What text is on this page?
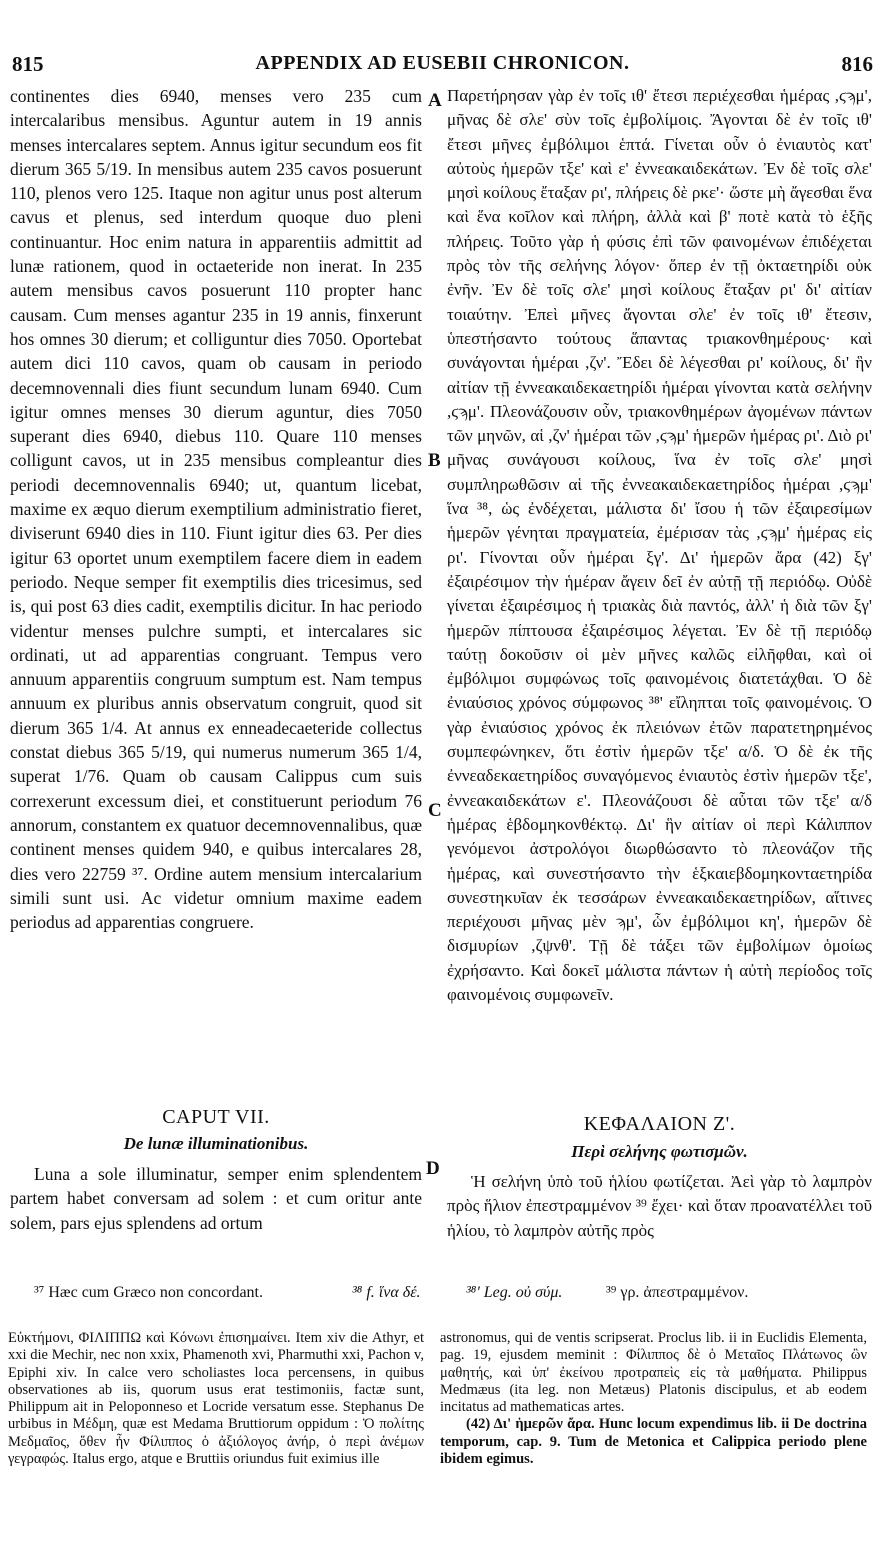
815	APPENDIX AD EUSEBII CHRONICON.	816

continentes dies 6940, menses vero 235 cum intercalaribus mensibus. Aguntur autem in 19 annis menses intercalares septem. Annus igitur secundum eos fit dierum 365 5/19. In mensibus autem 235 cavos posuerunt 110, plenos vero 125. Itaque non agitur unus post alterum cavus et plenus, sed interdum quoque duo pleni continuantur. Hoc enim natura in apparentiis admittit ad lunæ rationem, quod in octaeteride non inerat. In 235 autem mensibus cavos posuerunt 110 propter hanc causam. Cum menses agantur 235 in 19 annis, finxerunt hos omnes 30 dierum; et colliguntur dies 7050. Oportebat autem dici 110 cavos, quam ob causam in periodo decemnovennali dies fiunt secundum lunam 6940. Cum igitur omnes menses 30 dierum aguntur, dies 7050 superant dies 6940, diebus 110. Quare 110 menses colligunt cavos, ut in 235 mensibus compleantur dies periodi decemnovennalis 6940; ut, quantum licebat, maxime ex æquo dierum exemptilium administratio fieret, diviserunt 6940 dies in 110. Fiunt igitur dies 63. Per dies igitur 63 oportet unum exemptilem facere diem in eadem periodo. Neque semper fit exemptilis dies tricesimus, sed is, qui post 63 dies cadit, exemptilis dicitur. In hac periodo videntur menses pulchre sumpti, et intercalares sic ordinati, ut ad apparentias congruant. Tempus vero annuum apparentiis congruum sumptum est. Nam tempus annuum ex pluribus annis observatum congruit, quod sit dierum 365 1/4. At annus ex enneadecaeteride collectus constat diebus 365 5/19, qui numerus numerum 365 1/4, superat 1/76. Quam ob causam Calippus cum suis correxerunt excessum diei, et constituerunt periodum 76 annorum, constantem ex quatuor decemnovennalibus, quæ continent menses quidem 940, e quibus intercalares 28, dies vero 22759 ³⁷. Ordine autem mensium intercalarium simili sunt usi. Ac videtur omnium maxime eadem periodus ad apparentias congruere.

Παρετήρησαν γὰρ ἐν τοῖς ιθ' ἔτεσι περιέχεσθαι ἡμέρας ,ϛϡμ', μῆνας δὲ σλε' σὺν τοῖς ἐμβολίμοις. Ἄγονται δὲ ἐν τοῖς ιθ' ἔτεσι μῆνες ἐμβόλιμοι ἑπτά. Γίνεται οὖν ὁ ἐνιαυτὸς κατ' αὐτοὺς ἡμερῶν τξε' καὶ ε' ἐννεακαιδεκάτων. Ἐν δὲ τοῖς σλε' μησὶ κοίλους ἔταξαν ρι', πλήρεις δὲ ρκε'· ὥστε μὴ ἄγεσθαι ἕνα καὶ ἕνα κοῖλον καὶ πλήρη, ἀλλὰ καὶ β' ποτὲ κατὰ τὸ ἑξῆς πλήρεις. Τοῦτο γὰρ ἡ φύσις ἐπὶ τῶν φαινομένων ἐπιδέχεται πρὸς τὸν τῆς σελήνης λόγον· ὅπερ ἐν τῇ ὀκταετηρίδι οὐκ ἐνῆν. Ἐν δὲ τοῖς σλε' μησὶ κοίλους ἔταξαν ρι' δι' αἰτίαν τοιαύτην. Ἐπεὶ μῆνες ἄγονται σλε' ἐν τοῖς ιθ' ἔτεσιν, ὑπεστήσαντο τούτους ἅπαντας τριακονθημέρους· καὶ συνάγονται ἡμέραι ,ζν'. Ἔδει δὲ λέγεσθαι ρι' κοίλους, δι' ἣν αἰτίαν τῇ ἐννεακαιδεκαετηρίδι ἡμέραι γίνονται κατὰ σελήνην ,ϛϡμ'. Πλεονάζουσιν οὖν, τριακονθημέρων ἀγομένων πάντων τῶν μηνῶν, αἱ ,ζν' ἡμέραι τῶν ,ϛϡμ' ἡμερῶν ἡμέρας ρι'. Διὸ ρι' μῆνας συνάγουσι κοίλους, ἵνα ἐν τοῖς σλε' μησὶ συμπληρωθῶσιν αἱ τῆς ἐννεακαιδεκαετηρίδος ἡμέραι ,ϛϡμ' ἵνα ³⁸, ὡς ἐνδέχεται, μάλιστα δι' ἴσου ἡ τῶν ἐξαιρεσίμων ἡμερῶν γένηται πραγματεία, ἐμέρισαν τὰς ,ϛϡμ' ἡμέρας εἰς ρι'. Γίνονται οὖν ἡμέραι ξγ'. Δι' ἡμερῶν ἄρα (42) ξγ' ἐξαιρέσιμον τὴν ἡμέραν ἄγειν δεῖ ἐν αὐτῇ τῇ περιόδῳ. Οὐδὲ γίνεται ἐξαιρέσιμος ἡ τριακὰς διὰ παντός, ἀλλ' ἡ διὰ τῶν ξγ' ἡμερῶν πίπτουσα ἐξαιρέσιμος λέγεται. Ἐν δὲ τῇ περιόδῳ ταύτῃ δοκοῦσιν οἱ μὲν μῆνες καλῶς εἰλῆφθαι, καὶ οἱ ἐμβόλιμοι συμφώνως τοῖς φαινομένοις διατετάχθαι. Ὁ δὲ ἐνιαύσιος χρόνος σύμφωνος ³⁸' εἴληπται τοῖς φαινομένοις. Ὁ γὰρ ἐνιαύσιος χρόνος ἐκ πλειόνων ἐτῶν παρατετηρημένος συμπεφώνηκεν, ὅτι ἐστὶν ἡμερῶν τξε' α/δ. Ὁ δὲ ἐκ τῆς ἐννεαδεκαετηρίδος συναγόμενος ἐνιαυτὸς ἐστὶν ἡμερῶν τξε', ἐννεακαιδεκάτων ε'. Πλεονάζουσι δὲ αὗται τῶν τξε' α/δ ἡμέρας ἑβδομηκονθέκτῳ. Δι' ἣν αἰτίαν οἱ περὶ Κάλιππον γενόμενοι ἀστρολόγοι διωρθώσαντο τὸ πλεονάζον τῆς ἡμέρας, καὶ συνεστήσαντο τὴν ἑξκαιεβδομηκονταετηρίδα συνεστηκυῖαν ἐκ τεσσάρων ἐννεακαιδεκαετηρίδων, αἵτινες περιέχουσι μῆνας μὲν ϡμ', ὧν ἐμβόλιμοι κη', ἡμερῶν δὲ δισμυρίων ,ζψνθ'. Τῇ δὲ τάξει τῶν ἐμβολίμων ὁμοίως ἐχρήσαντο. Καὶ δοκεῖ μάλιστα πάντων ἡ αὐτὴ περίοδος τοῖς φαινομένοις συμφωνεῖν.

A
B
C
D
CAPUT VII.
De lunæ illuminationibus.

Luna a sole illuminatur, semper enim splendentem partem habet conversam ad solem : et cum oritur ante solem, pars ejus splendens ad ortum

ΚΕΦΑΛΑΙΟΝ Ζ'.
Περὶ σελήνης φωτισμῶν.

Ἡ σελήνη ὑπὸ τοῦ ἡλίου φωτίζεται. Ἀεὶ γὰρ τὸ λαμπρὸν πρὸς ἥλιον ἐπεστραμμένον ³⁹ ἔχει· καὶ ὅταν προανατέλλει τοῦ ἡλίου, τὸ λαμπρὸν αὐτῆς πρὸς

³⁷ Hæc cum Græco non concordant.	³⁸ f. ἵνα δέ.	³⁸' Leg. οὐ σύμ.	³⁹ γρ. ἀπεστραμμένον.

Εὐκτήμονι, ΦΙΛΙΠΠΩ καὶ Κόνωνι ἐπισημαίνει. Item xiv die Athyr, et xxi die Mechir, nec non xxix, Phamenoth xvi, Pharmuthi xxi, Pachon v, Epiphi xiv. In calce vero scholiastes loca percensens, in quibus observationes ab iis, quorum usus erat testimoniis, factæ sunt, Philippum ait in Peloponneso et Locride versatum esse. Stephanus De urbibus in Μέδμη, quæ est Medama Bruttiorum oppidum : Ὁ πολίτης Μεδμαῖος, ὅθεν ἦν Φίλιππος ὁ ἀξιόλογος ἀνήρ, ὁ περὶ ἀνέμων γεγραφώς. Italus ergo, atque e Bruttiis oriundus fuit eximius ille

astronomus, qui de ventis scripserat. Proclus lib. ii in Euclidis Elementa, pag. 19, ejusdem meminit : Φίλιππος δὲ ὁ Μεταῖος Πλάτωνος ὢν μαθητής, καὶ ὑπ' ἐκείνου προτραπεὶς εἰς τὰ μαθήματα. Philippus Medmæus (ita leg. non Metæus) Platonis discipulus, et ab eodem incitatus ad mathematicas artes.

(42) Δι' ἡμερῶν ἄρα. Hunc locum expendimus lib. ii De doctrina temporum, cap. 9. Tum de Metonica et Calippica periodo plene ibidem egimus.
